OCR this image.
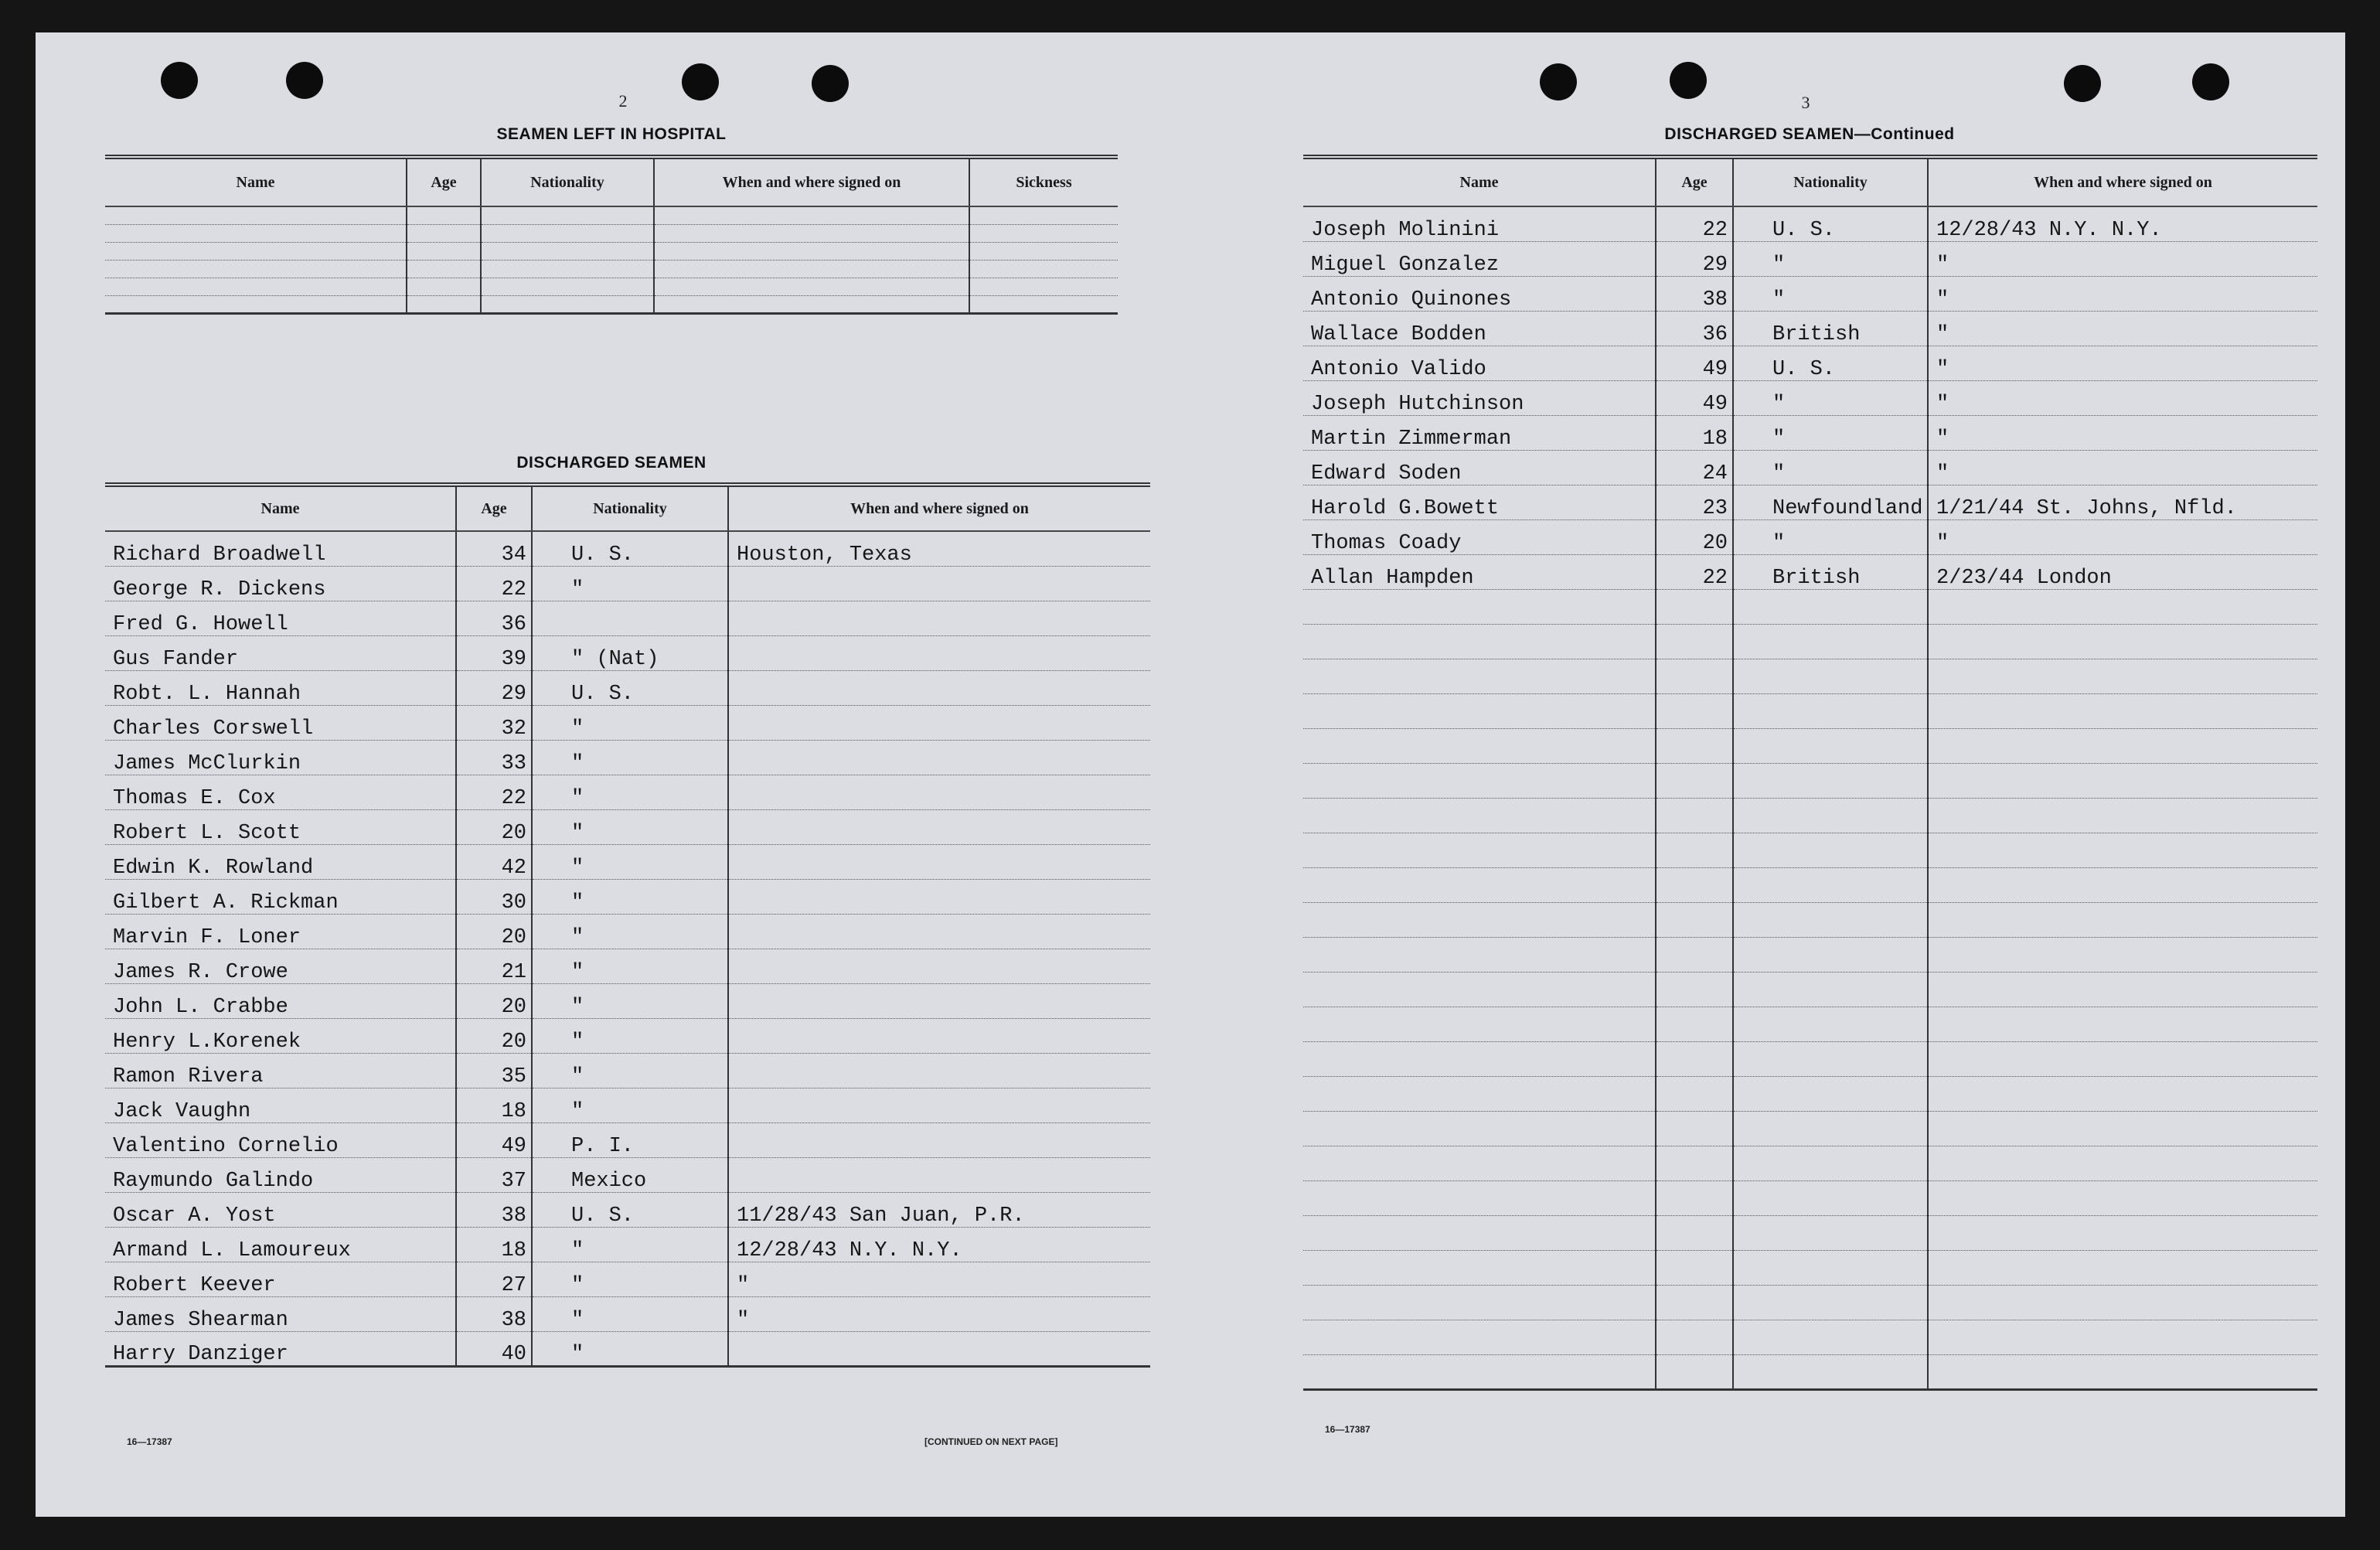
2
SEAMEN LEFT IN HOSPITAL
Name	Age	Nationality	When and where signed on	Sickness

DISCHARGED SEAMEN
Name	Age	Nationality	When and where signed on
Richard Broadwell	34	U. S.	Houston, Texas
George R. Dickens	22	"	
Fred G. Howell	36		
Gus Fander	39	" (Nat)	
Robt. L. Hannah	29	U. S.	
Charles Corswell	32	"	
James McClurkin	33	"	
Thomas E. Cox	22	"	
Robert L. Scott	20	"	
Edwin K. Rowland	42	"	
Gilbert A. Rickman	30	"	
Marvin F. Loner	20	"	
James R. Crowe	21	"	
John L. Crabbe	20	"	
Henry L.Korenek	20	"	
Ramon Rivera	35	"	
Jack Vaughn	18	"	
Valentino Cornelio	49	P. I.	
Raymundo Galindo	37	Mexico	
Oscar A. Yost	38	U. S.	11/28/43 San Juan, P.R.
Armand L. Lamoureux	18	"	12/28/43 N.Y. N.Y.
Robert Keever	27	"	"
James Shearman	38	"	"
Harry Danziger	40	"	
16—17387	[CONTINUED ON NEXT PAGE]
3
DISCHARGED SEAMEN—Continued
Name	Age	Nationality	When and where signed on
Joseph Molinini	22	U. S.	12/28/43 N.Y. N.Y.
Miguel Gonzalez	29	"	"
Antonio Quinones	38	"	"
Wallace Bodden	36	British	"
Antonio Valido	49	U. S.	"
Joseph Hutchinson	49	"	"
Martin Zimmerman	18	"	"
Edward Soden	24	"	"
Harold G.Bowett	23	Newfoundland	1/21/44 St. Johns, Nfld.
Thomas Coady	20	"	"
Allan Hampden	22	British	2/23/44 London

16—17387
